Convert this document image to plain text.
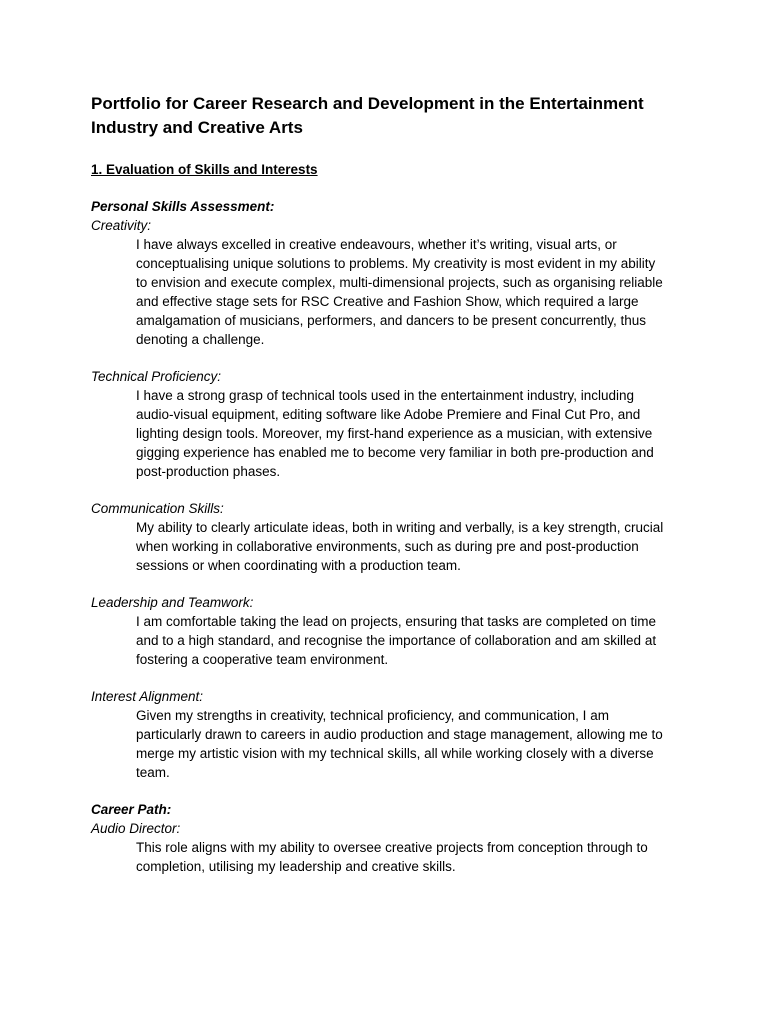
Portfolio for Career Research and Development in the Entertainment
Industry and Creative Arts
1. Evaluation of Skills and Interests
Personal Skills Assessment:

Creativity:

I have always excelled in creative endeavours, whether it’s writing, visual arts, or
conceptualising unique solutions to problems. My creativity is most evident in my ability
to envision and execute complex, multi-dimensional projects, such as organising reliable
and effective stage sets for RSC Creative and Fashion Show, which required a large
amalgamation of musicians, performers, and dancers to be present concurrently, thus
denoting a challenge.

Technical Proficiency:

I have a strong grasp of technical tools used in the entertainment industry, including
audio-visual equipment, editing software like Adobe Premiere and Final Cut Pro, and
lighting design tools. Moreover, my first-hand experience as a musician, with extensive
gigging experience has enabled me to become very familiar in both pre-production and
post-production phases.

Communication Skills:

My ability to clearly articulate ideas, both in writing and verbally, is a key strength, crucial
when working in collaborative environments, such as during pre and post-production
sessions or when coordinating with a production team.

Leadership and Teamwork:

I am comfortable taking the lead on projects, ensuring that tasks are completed on time
and to a high standard, and recognise the importance of collaboration and am skilled at
fostering a cooperative team environment.

Interest Alignment:

Given my strengths in creativity, technical proficiency, and communication, I am
particularly drawn to careers in audio production and stage management, allowing me to
merge my artistic vision with my technical skills, all while working closely with a diverse
team.

Career Path:

Audio Director:

This role aligns with my ability to oversee creative projects from conception through to
completion, utilising my leadership and creative skills.
